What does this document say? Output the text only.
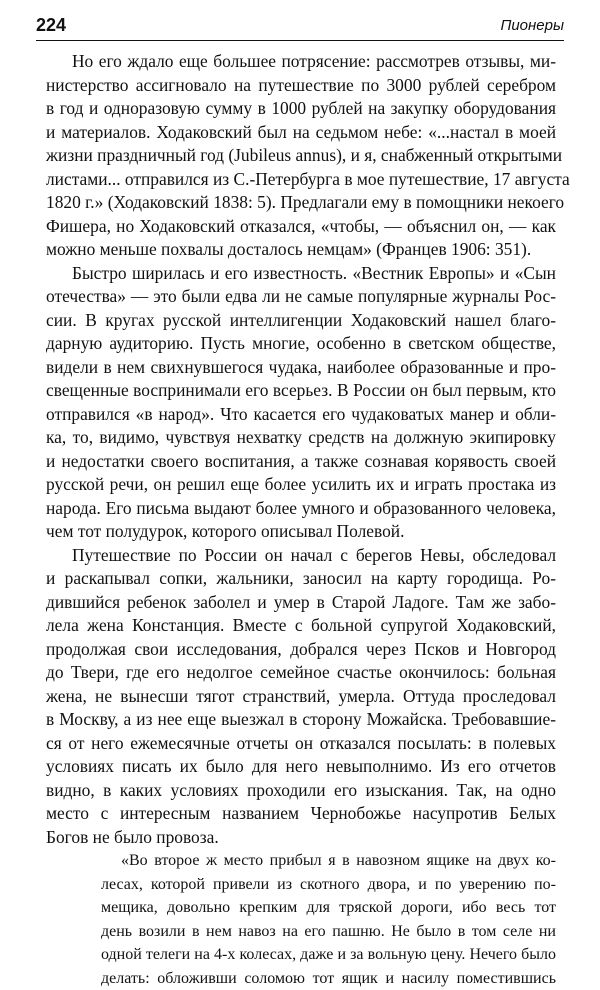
224	Пионеры
Но его ждало еще большее потрясение: рассмотрев отзывы, ми-
нистерство ассигновало на путешествие по 3000 рублей серебром
в год и одноразовую сумму в 1000 рублей на закупку оборудования
и материалов. Ходаковский был на седьмом небе: «...настал в моей
жизни праздничный год (Jubileus annus), и я, снабженный открытыми
листами... отправился из С.-Петербурга в мое путешествие, 17 августа
1820 г.» (Ходаковский 1838: 5). Предлагали ему в помощники некоего
Фишера, но Ходаковский отказался, «чтобы, — объяснил он, — как
можно меньше похвалы досталось немцам» (Францев 1906: 351).
Быстро ширилась и его известность. «Вестник Европы» и «Сын
отечества» — это были едва ли не самые популярные журналы Рос-
сии. В кругах русской интеллигенции Ходаковский нашел благо-
дарную аудиторию. Пусть многие, особенно в светском обществе,
видели в нем свихнувшегося чудака, наиболее образованные и про-
свещенные воспринимали его всерьез. В России он был первым, кто
отправился «в народ». Что касается его чудаковатых манер и обли-
ка, то, видимо, чувствуя нехватку средств на должную экипировку
и недостатки своего воспитания, а также сознавая корявость своей
русской речи, он решил еще более усилить их и играть простака из
народа. Его письма выдают более умного и образованного человека,
чем тот полудурок, которого описывал Полевой.
Путешествие по России он начал с берегов Невы, обследовал
и раскапывал сопки, жальники, заносил на карту городища. Ро-
дившийся ребенок заболел и умер в Старой Ладоге. Там же забо-
лела жена Констанция. Вместе с больной супругой Ходаковский,
продолжая свои исследования, добрался через Псков и Новгород
до Твери, где его недолгое семейное счастье окончилось: больная
жена, не вынесши тягот странствий, умерла. Оттуда проследовал
в Москву, а из нее еще выезжал в сторону Можайска. Требовавшие-
ся от него ежемесячные отчеты он отказался посылать: в полевых
условиях писать их было для него невыполнимо. Из его отчетов
видно, в каких условиях проходили его изыскания. Так, на одно
место с интересным названием Чернобожье насупротив Белых
Богов не было провоза.
«Во второе ж место прибыл я в навозном ящике на двух ко-
лесах, которой привели из скотного двора, и по уверению по-
мещика, довольно крепким для тряской дороги, ибо весь тот
день возили в нем навоз на его пашню. Не было в том селе ни
одной телеги на 4-х колесах, даже и за вольную цену. Нечего было
делать: обложивши соломою тот ящик и насилу поместившись
